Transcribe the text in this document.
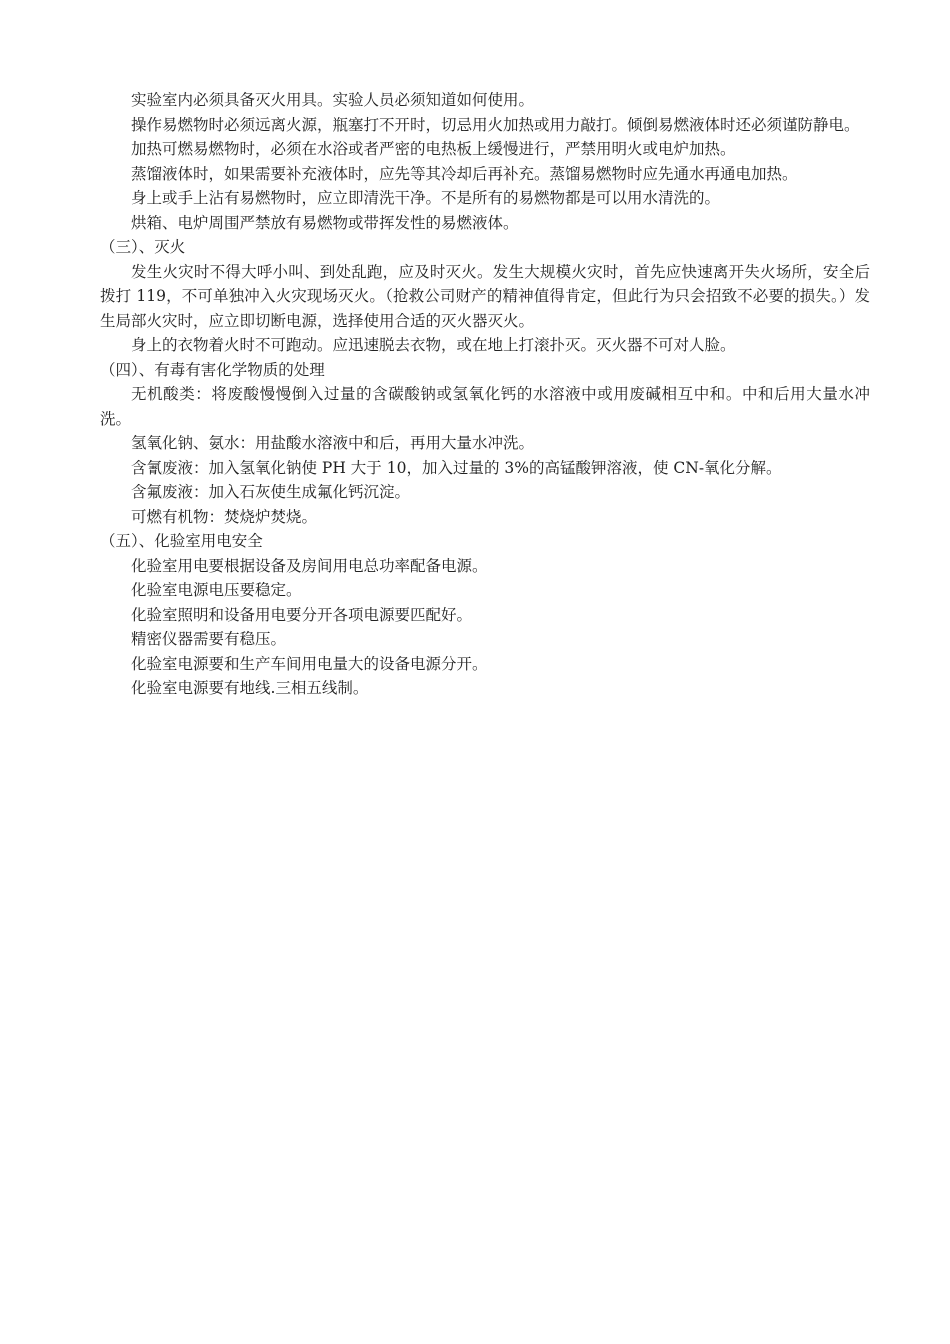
实验室内必须具备灭火用具。实验人员必须知道如何使用。

操作易燃物时必须远离火源，瓶塞打不开时，切忌用火加热或用力敲打。倾倒易燃液体时还必须谨防静电。

加热可燃易燃物时，必须在水浴或者严密的电热板上缓慢进行，严禁用明火或电炉加热。

蒸馏液体时，如果需要补充液体时，应先等其冷却后再补充。蒸馏易燃物时应先通水再通电加热。

身上或手上沾有易燃物时，应立即清洗干净。不是所有的易燃物都是可以用水清洗的。

烘箱、电炉周围严禁放有易燃物或带挥发性的易燃液体。

（三）、灭火

发生火灾时不得大呼小叫、到处乱跑，应及时灭火。发生大规模火灾时，首先应快速离开失火场所，安全后拨打 119，不可单独冲入火灾现场灭火。（抢救公司财产的精神值得肯定，但此行为只会招致不必要的损失。）发生局部火灾时，应立即切断电源，选择使用合适的灭火器灭火。

身上的衣物着火时不可跑动。应迅速脱去衣物，或在地上打滚扑灭。灭火器不可对人脸。

（四）、有毒有害化学物质的处理

无机酸类：将废酸慢慢倒入过量的含碳酸钠或氢氧化钙的水溶液中或用废碱相互中和。中和后用大量水冲洗。

氢氧化钠、氨水：用盐酸水溶液中和后，再用大量水冲洗。

含氰废液：加入氢氧化钠使 PH 大于 10，加入过量的 3%的高锰酸钾溶液，使 CN-氧化分解。

含氟废液：加入石灰使生成氟化钙沉淀。

可燃有机物：焚烧炉焚烧。

（五）、化验室用电安全

化验室用电要根据设备及房间用电总功率配备电源。

化验室电源电压要稳定。

化验室照明和设备用电要分开各项电源要匹配好。

精密仪器需要有稳压。

化验室电源要和生产车间用电量大的设备电源分开。

化验室电源要有地线.三相五线制。
